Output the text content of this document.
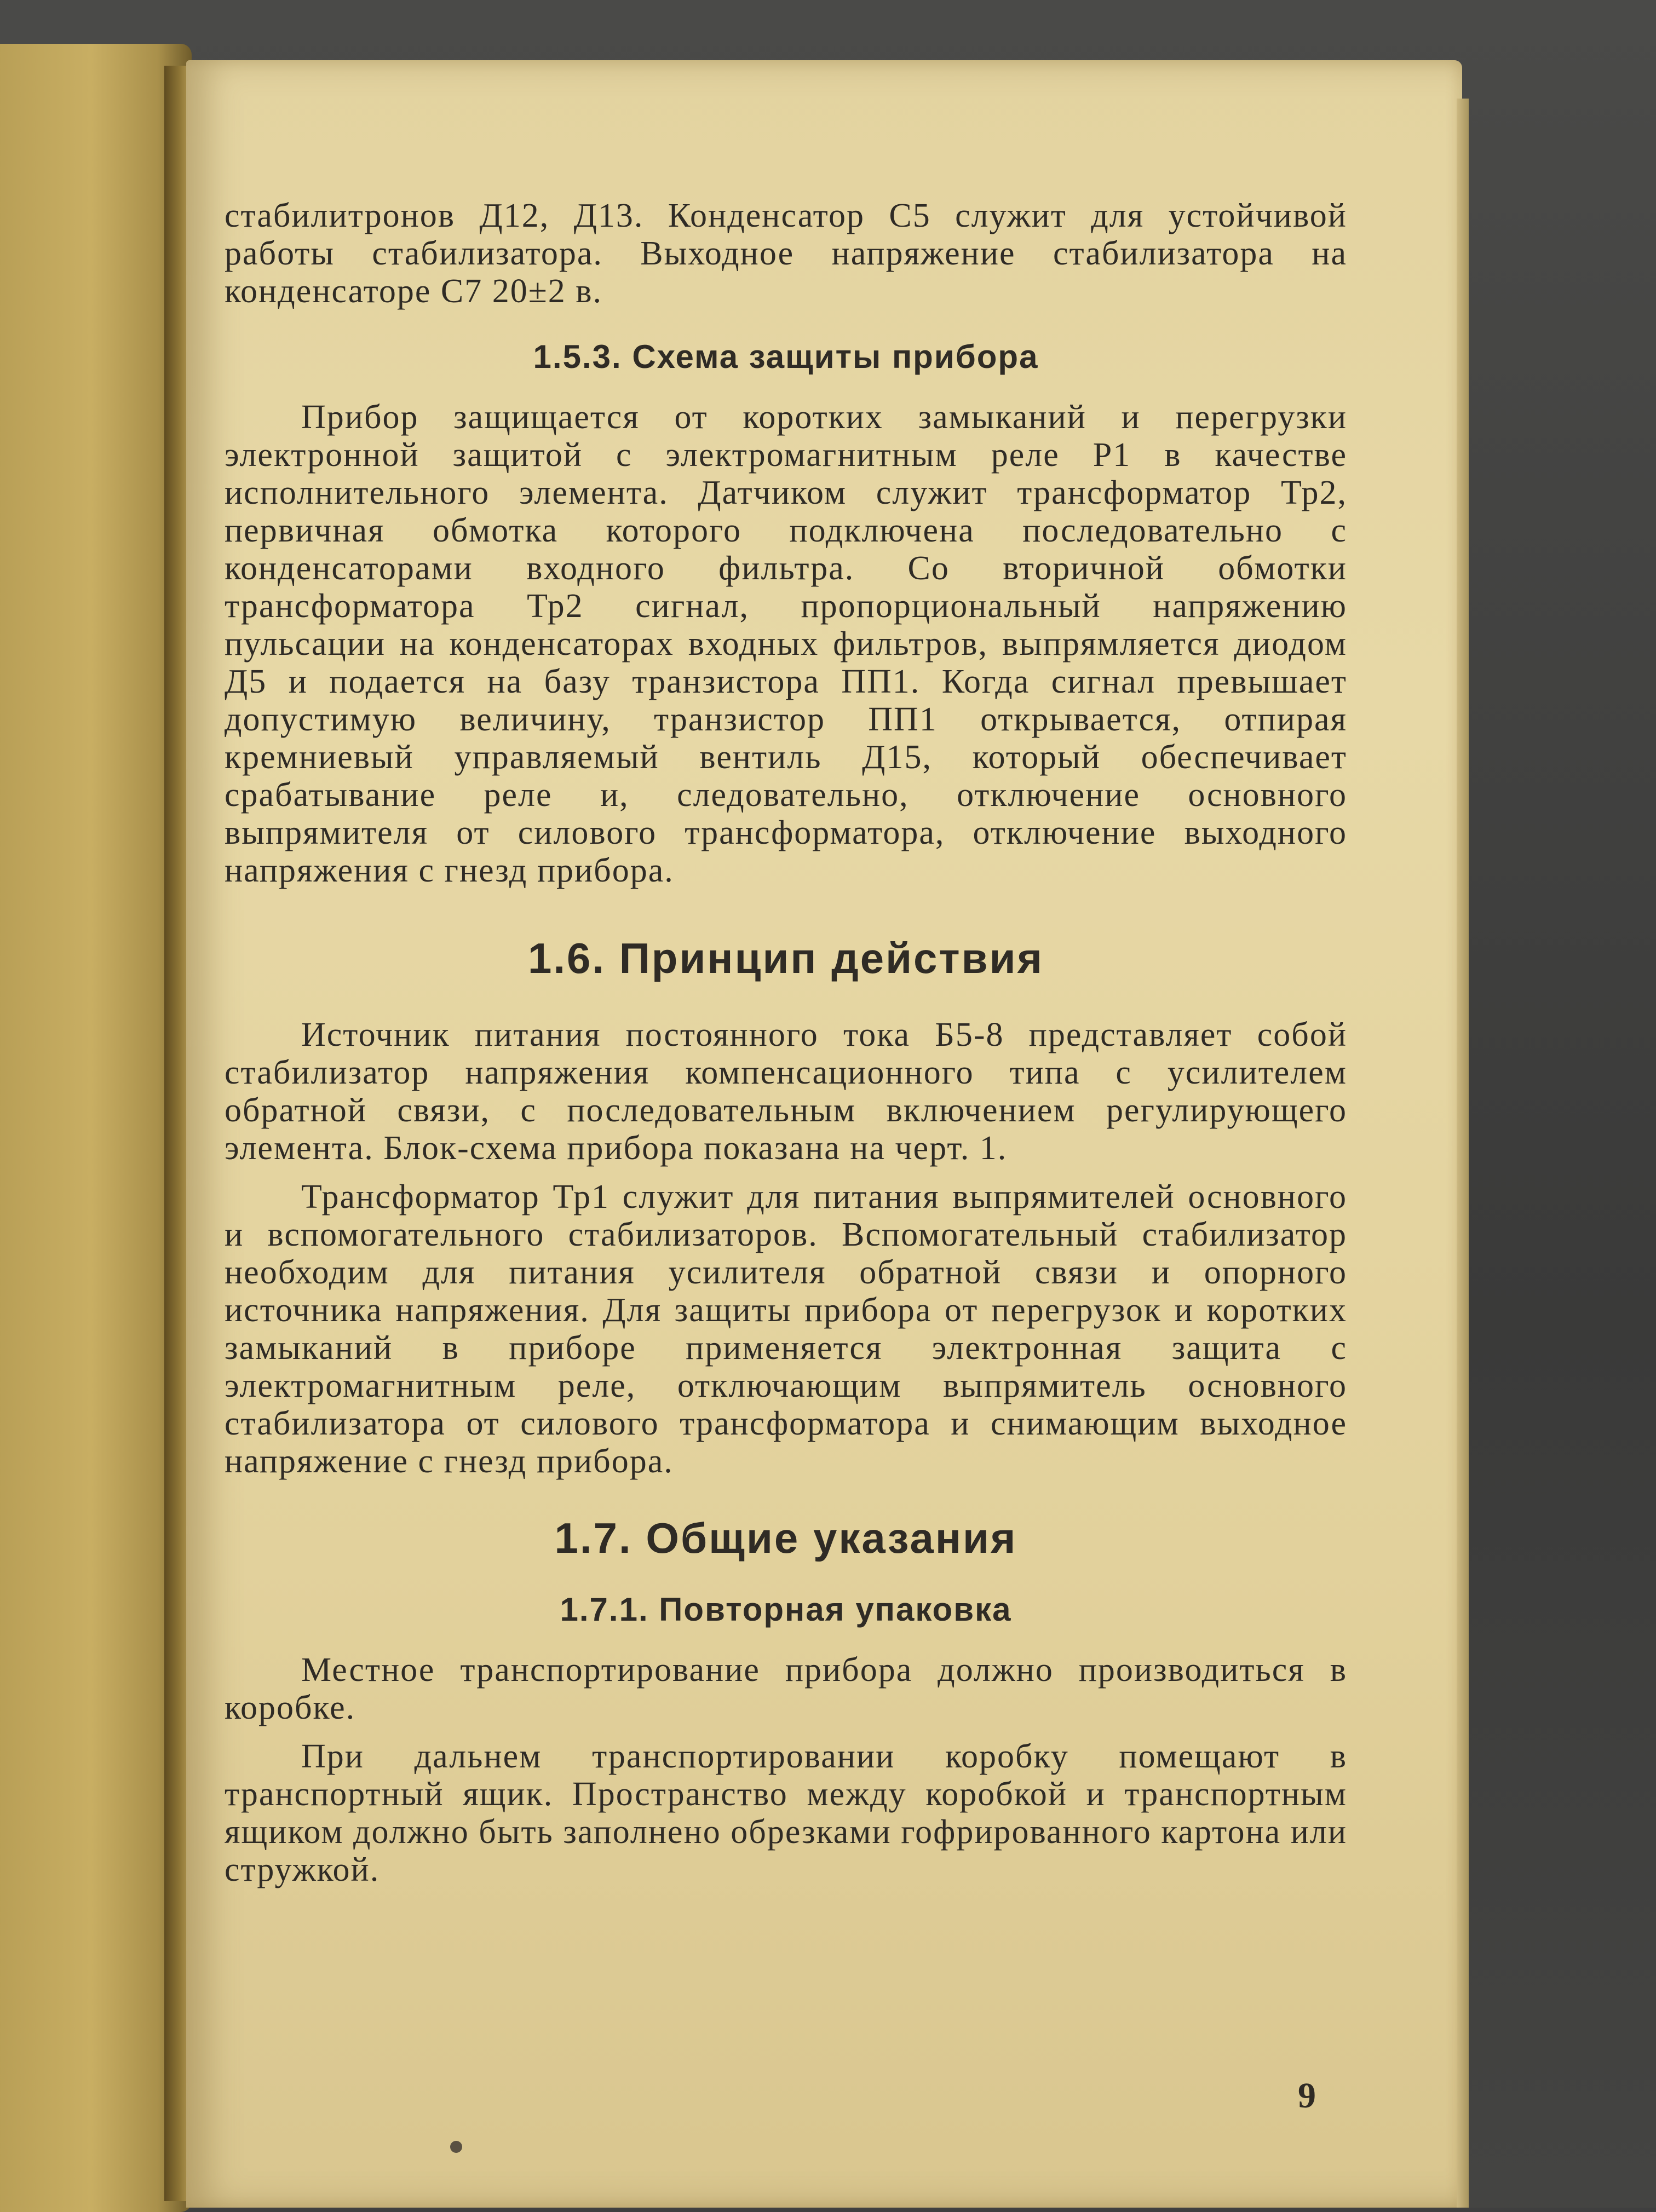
стабилитронов Д12, Д13. Конденсатор С5 служит для устойчивой работы стабилизатора. Выходное напряжение стабилизатора на конденсаторе С7 20±2 в.

1.5.3. Схема защиты прибора

Прибор защищается от коротких замыканий и перегрузки электронной защитой с электромагнитным реле Р1 в качестве исполнительного элемента. Датчиком служит трансформатор Тр2, первичная обмотка которого подключена последовательно с конденсаторами входного фильтра. Со вторичной обмотки трансформатора Тр2 сигнал, пропорциональный напряжению пульсации на конденсаторах входных фильтров, выпрямляется диодом Д5 и подается на базу транзистора ПП1. Когда сигнал превышает допустимую величину, транзистор ПП1 открывается, отпирая кремниевый управляемый вентиль Д15, который обеспечивает срабатывание реле и, следовательно, отключение основного выпрямителя от силового трансформатора, отключение выходного напряжения с гнезд прибора.

1.6. Принцип действия

Источник питания постоянного тока Б5-8 представляет собой стабилизатор напряжения компенсационного типа с усилителем обратной связи, с последовательным включением регулирующего элемента. Блок-схема прибора показана на черт. 1.

Трансформатор Тр1 служит для питания выпрямителей основного и вспомогательного стабилизаторов. Вспомогательный стабилизатор необходим для питания усилителя обратной связи и опорного источника напряжения. Для защиты прибора от перегрузок и коротких замыканий в приборе применяется электронная защита с электромагнитным реле, отключающим выпрямитель основного стабилизатора от силового трансформатора и снимающим выходное напряжение с гнезд прибора.

1.7. Общие указания
1.7.1. Повторная упаковка

Местное транспортирование прибора должно производиться в коробке.

При дальнем транспортировании коробку помещают в транспортный ящик. Пространство между коробкой и транспортным ящиком должно быть заполнено обрезками гофрированного картона или стружкой.

9
